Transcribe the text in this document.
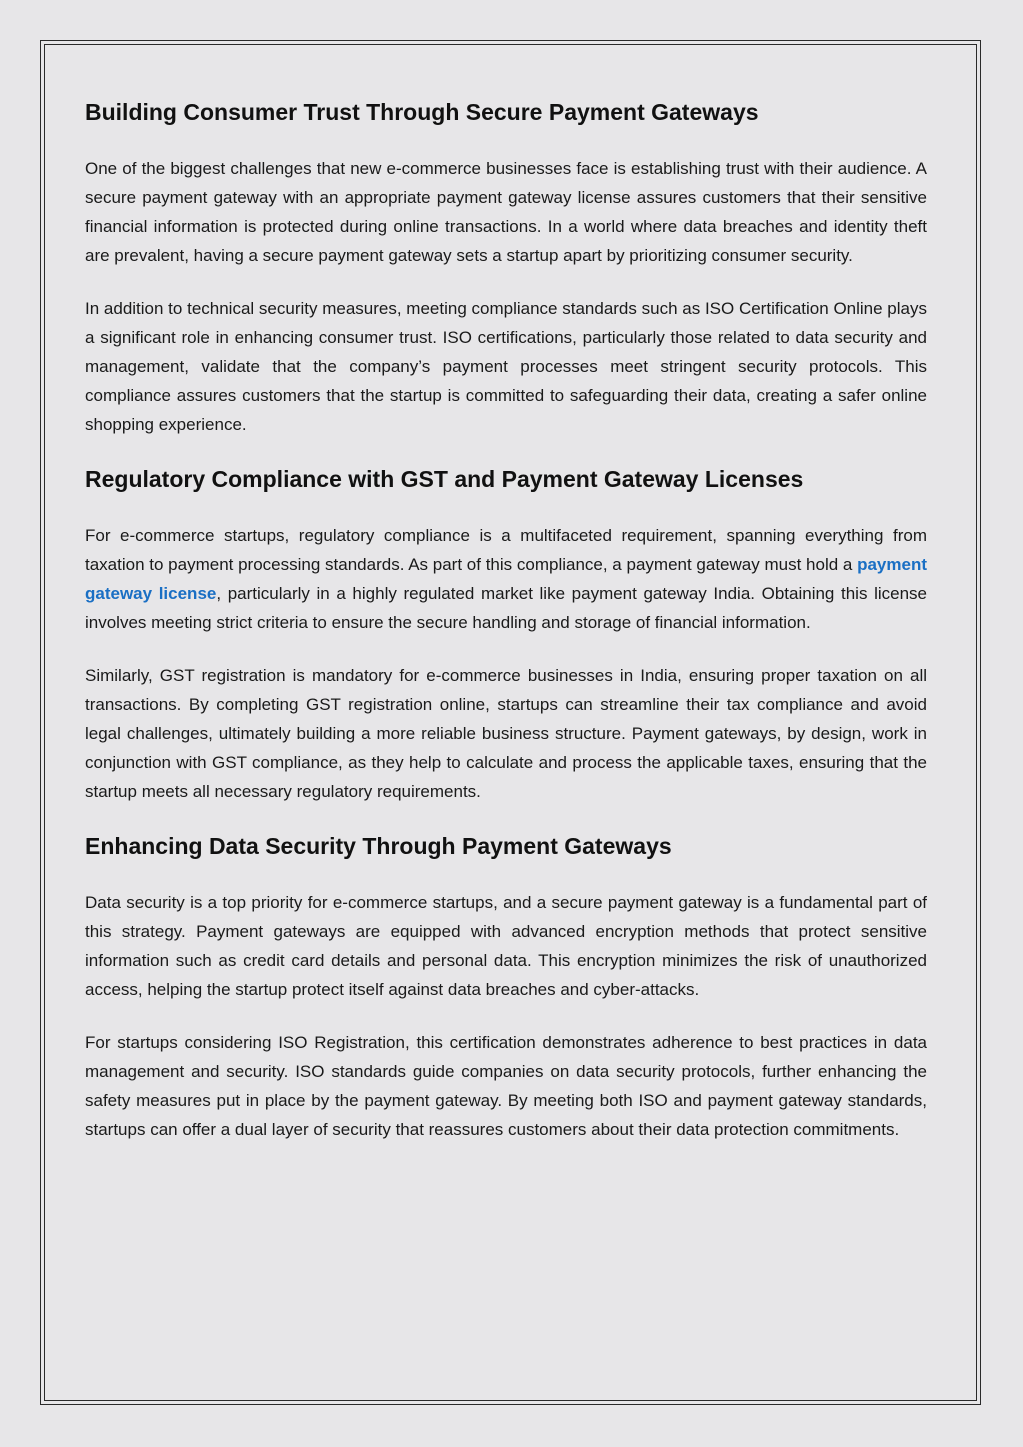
Building Consumer Trust Through Secure Payment Gateways

One of the biggest challenges that new e-commerce businesses face is establishing trust with their audience. A secure payment gateway with an appropriate payment gateway license assures customers that their sensitive financial information is protected during online transactions. In a world where data breaches and identity theft are prevalent, having a secure payment gateway sets a startup apart by prioritizing consumer security.

In addition to technical security measures, meeting compliance standards such as ISO Certification Online plays a significant role in enhancing consumer trust. ISO certifications, particularly those related to data security and management, validate that the company’s payment processes meet stringent security protocols. This compliance assures customers that the startup is committed to safeguarding their data, creating a safer online shopping experience.

Regulatory Compliance with GST and Payment Gateway Licenses

For e-commerce startups, regulatory compliance is a multifaceted requirement, spanning everything from taxation to payment processing standards. As part of this compliance, a payment gateway must hold a payment gateway license, particularly in a highly regulated market like payment gateway India. Obtaining this license involves meeting strict criteria to ensure the secure handling and storage of financial information.

Similarly, GST registration is mandatory for e-commerce businesses in India, ensuring proper taxation on all transactions. By completing GST registration online, startups can streamline their tax compliance and avoid legal challenges, ultimately building a more reliable business structure. Payment gateways, by design, work in conjunction with GST compliance, as they help to calculate and process the applicable taxes, ensuring that the startup meets all necessary regulatory requirements.

Enhancing Data Security Through Payment Gateways

Data security is a top priority for e-commerce startups, and a secure payment gateway is a fundamental part of this strategy. Payment gateways are equipped with advanced encryption methods that protect sensitive information such as credit card details and personal data. This encryption minimizes the risk of unauthorized access, helping the startup protect itself against data breaches and cyber-attacks.

For startups considering ISO Registration, this certification demonstrates adherence to best practices in data management and security. ISO standards guide companies on data security protocols, further enhancing the safety measures put in place by the payment gateway. By meeting both ISO and payment gateway standards, startups can offer a dual layer of security that reassures customers about their data protection commitments.
